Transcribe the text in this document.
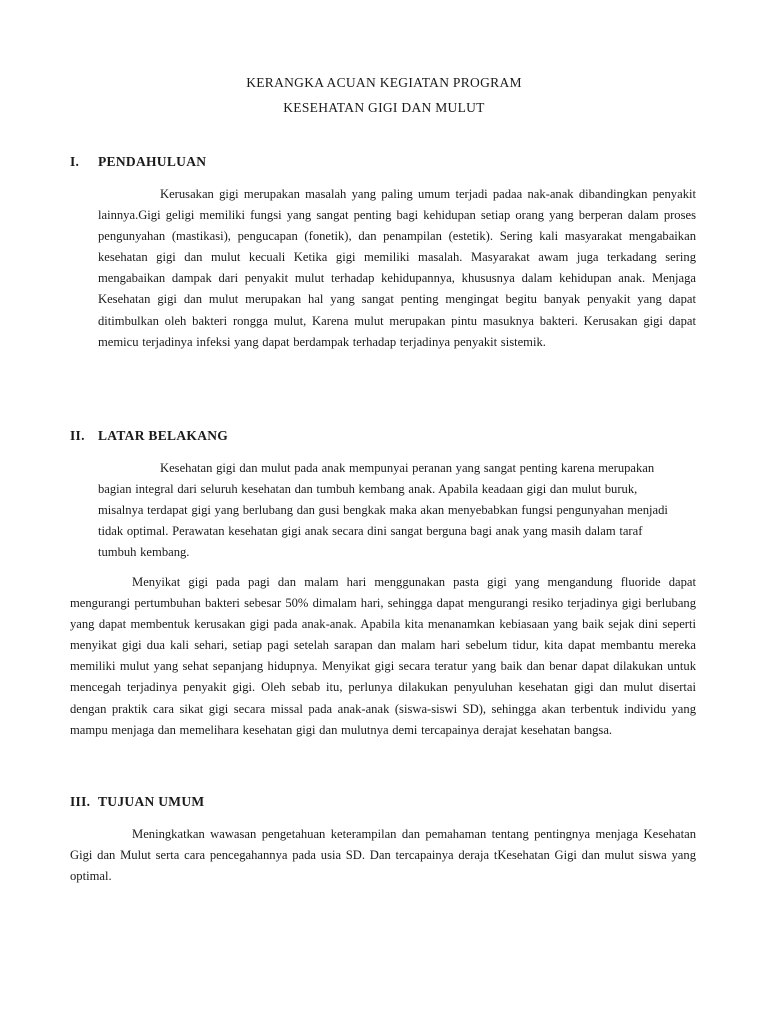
KERANGKA ACUAN KEGIATAN PROGRAM

KESEHATAN GIGI DAN MULUT

I. PENDAHULUAN

Kerusakan gigi merupakan masalah yang paling umum terjadi padaa nak-anak dibandingkan penyakit lainnya.Gigi geligi memiliki fungsi yang sangat penting bagi kehidupan setiap orang yang berperan dalam proses pengunyahan (mastikasi), pengucapan (fonetik), dan penampilan (estetik). Sering kali masyarakat mengabaikan kesehatan gigi dan mulut kecuali Ketika gigi memiliki masalah. Masyarakat awam juga terkadang sering mengabaikan dampak dari penyakit mulut terhadap kehidupannya, khususnya dalam kehidupan anak. Menjaga Kesehatan gigi dan mulut merupakan hal yang sangat penting mengingat begitu banyak penyakit yang dapat ditimbulkan oleh bakteri rongga mulut, Karena mulut merupakan pintu masuknya bakteri. Kerusakan gigi dapat memicu terjadinya infeksi yang dapat berdampak terhadap terjadinya penyakit sistemik.

II. LATAR BELAKANG

Kesehatan gigi dan mulut pada anak mempunyai peranan yang sangat penting karena merupakan bagian integral dari seluruh kesehatan dan tumbuh kembang anak. Apabila keadaan gigi dan mulut buruk, misalnya terdapat gigi yang berlubang dan gusi bengkak maka akan menyebabkan fungsi pengunyahan menjadi tidak optimal. Perawatan kesehatan gigi anak secara dini sangat berguna bagi anak yang masih dalam taraf tumbuh kembang.

Menyikat gigi pada pagi dan malam hari menggunakan pasta gigi yang mengandung fluoride dapat mengurangi pertumbuhan bakteri sebesar 50% dimalam hari, sehingga dapat mengurangi resiko terjadinya gigi berlubang yang dapat membentuk kerusakan gigi pada anak-anak. Apabila kita menanamkan kebiasaan yang baik sejak dini seperti menyikat gigi dua kali sehari, setiap pagi setelah sarapan dan malam hari sebelum tidur, kita dapat membantu mereka memiliki mulut yang sehat sepanjang hidupnya. Menyikat gigi secara teratur yang baik dan benar dapat dilakukan untuk mencegah terjadinya penyakit gigi. Oleh sebab itu, perlunya dilakukan penyuluhan kesehatan gigi dan mulut disertai dengan praktik cara sikat gigi secara missal pada anak-anak (siswa-siswi SD), sehingga akan terbentuk individu yang mampu menjaga dan memelihara kesehatan gigi dan mulutnya demi tercapainya derajat kesehatan bangsa.

III. TUJUAN UMUM

Meningkatkan wawasan pengetahuan keterampilan dan pemahaman tentang pentingnya menjaga Kesehatan Gigi dan Mulut serta cara pencegahannya pada usia SD. Dan tercapainya deraja tKesehatan Gigi dan mulut siswa yang optimal.
